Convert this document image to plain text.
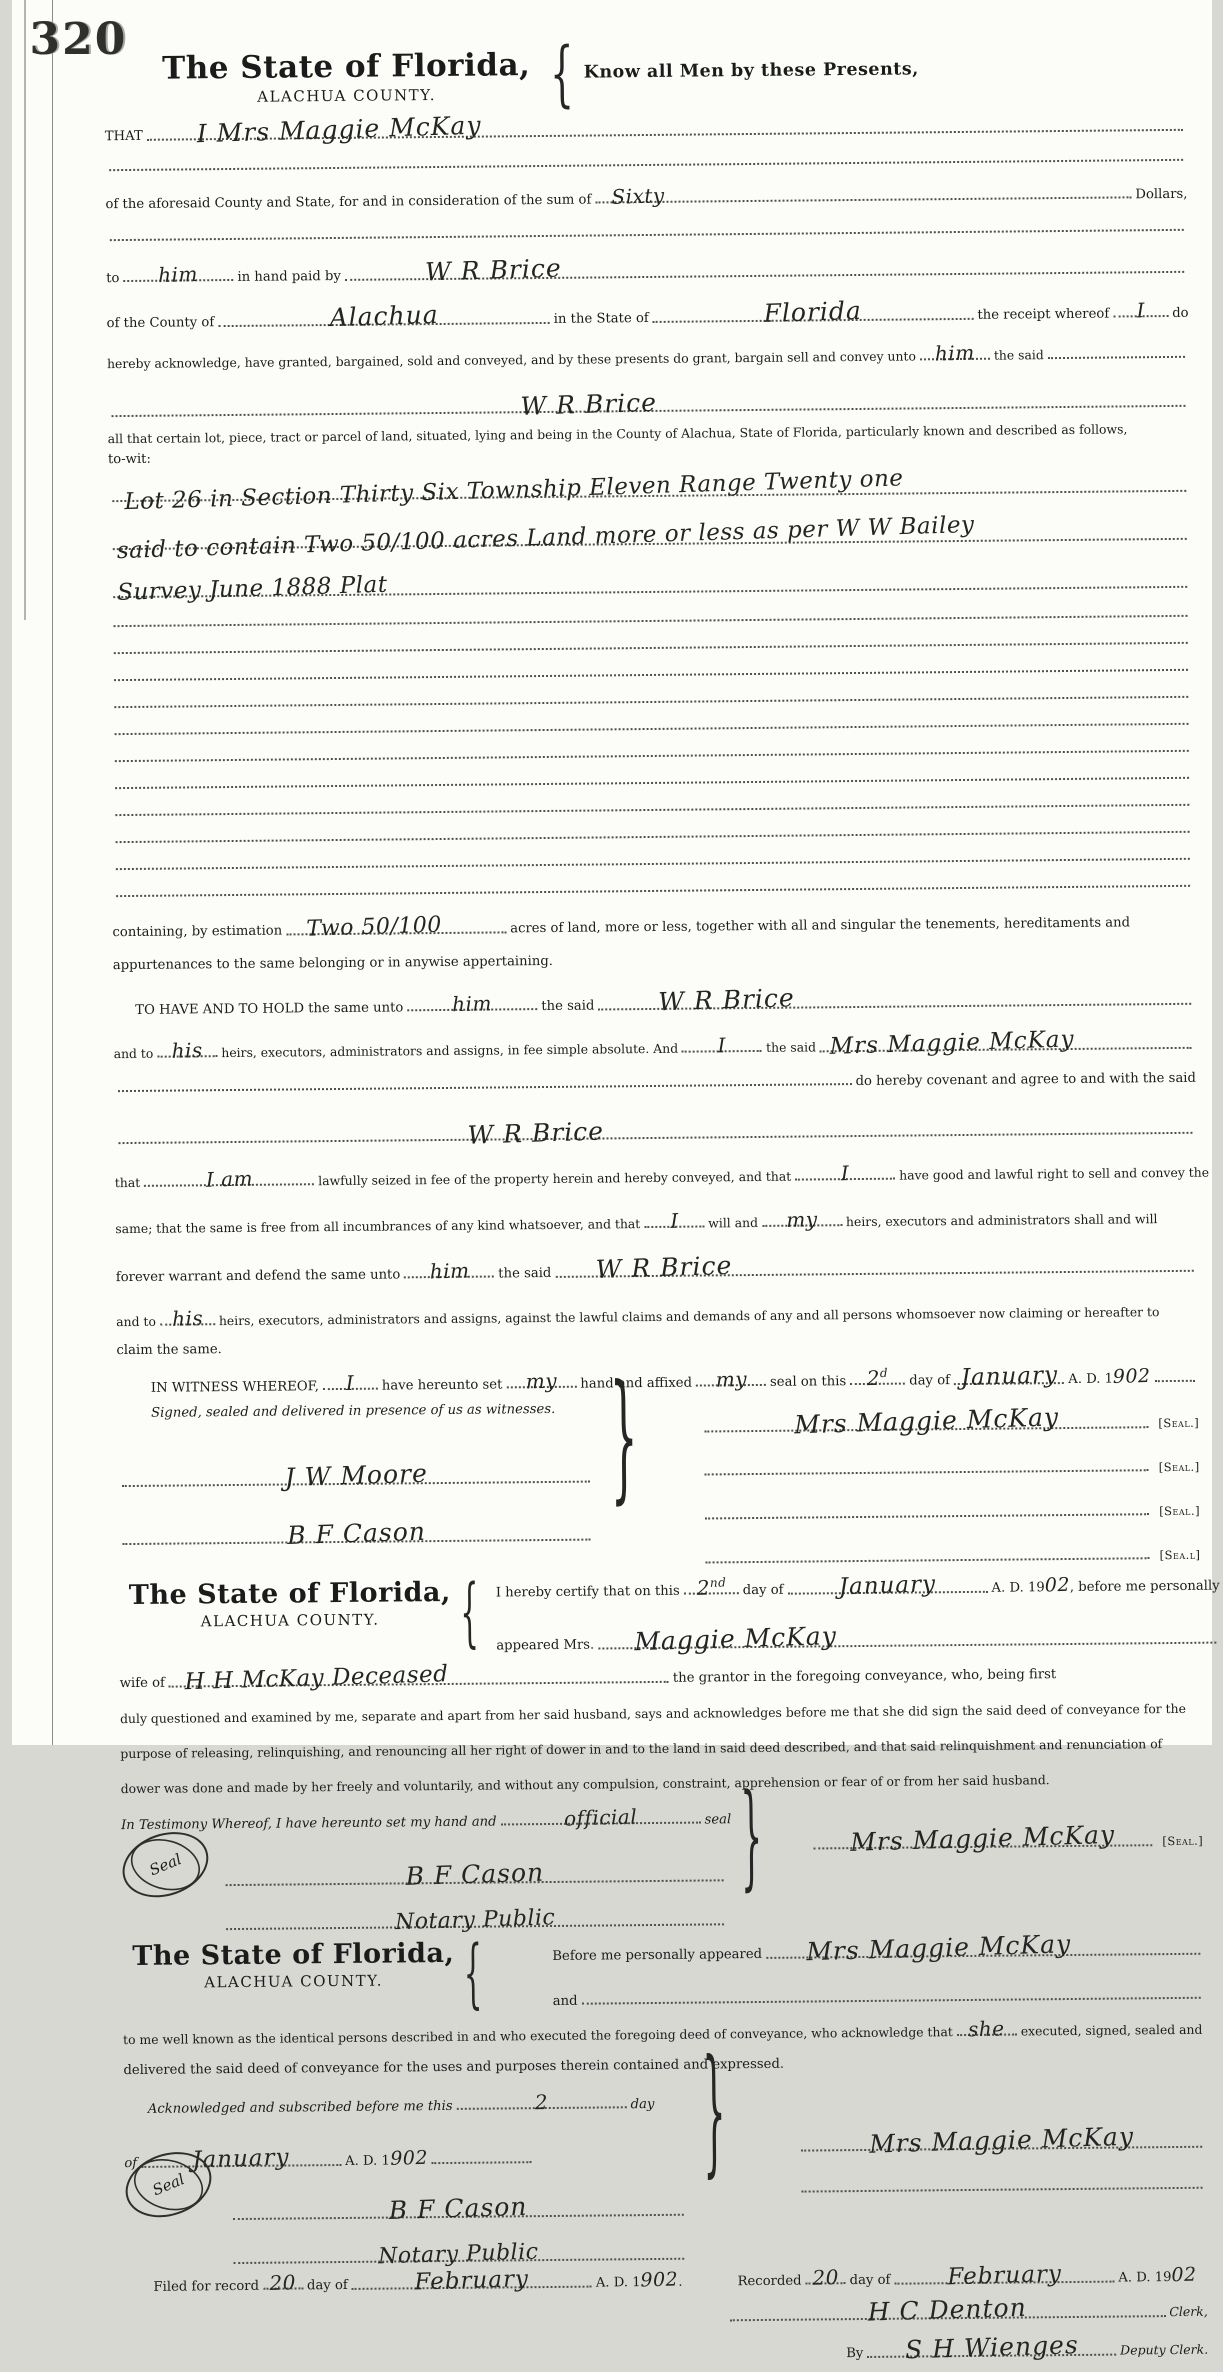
320
The State of Florida,
ALACHUA COUNTY.	{ Know all Men by these Presents,
THAT I Mrs Maggie McKay
of the aforesaid County and State, for and in consideration of the sum of Sixty	Dollars,
to him	in hand paid by	W R Brice
of the County of	Alachua	in the State of	Florida	the receipt whereof I do
hereby acknowledge, have granted, bargained, sold and conveyed, and by these presents do grant, bargain sell and convey unto him the said
W R Brice
all that certain lot, piece, tract or parcel of land, situated, lying and being in the County of Alachua, State of Florida, particularly known and described as follows,
to-wit:
Lot 26 in Section Thirty Six Township Eleven Range Twenty one
said to contain Two 50/100 acres Land more or less as per W W Bailey
Survey June 1888 Plat
containing, by estimation Two 50/100	acres of land, more or less, together with all and singular the tenements, hereditaments and
appurtenances to the same belonging or in anywise appertaining.
TO HAVE AND TO HOLD the same unto him	the said	W R Brice
and to his heirs, executors, administrators and assigns, in fee simple absolute. And I	the said Mrs Maggie McKay
do hereby covenant and agree to and with the said
W R Brice
that	I am	lawfully seized in fee of the property herein and hereby conveyed, and that I	have good and lawful right to sell and convey the
same; that the same is free from all incumbrances of any kind whatsoever, and that I will and my heirs, executors and administrators shall and will
forever warrant and defend the same unto him the said W R Brice
and to his heirs, executors, administrators and assigns, against the lawful claims and demands of any and all persons whomsoever now claiming or hereafter to
claim the same.
IN WITNESS WHEREOF, I have hereunto set my hand and affixed my seal on this 2$^d$
day of January A. D. 1 902
Signed, sealed and delivered in presence of us as witnesses.
J W Moore
B F Cason
}	Mrs Maggie McKay	[Seal.]
[Seal.]
[Seal.]
[Sea.l]
The State of Florida,
ALACHUA COUNTY.	{ I hereby certify that on this 2nd
day of January	A. D. 19 02 , before me personally
appeared Mrs. Maggie McKay
wife of H H McKay Deceased	the grantor in the foregoing conveyance, who, being first
duly questioned and examined by me, separate and apart from her said husband, says and acknowledges before me that she did sign the said deed of conveyance for the
purpose of releasing, relinquishing, and renouncing all her right of dower in and to the land in said deed described, and that said relinquishment and renunciation of
dower was done and made by her freely and voluntarily, and without any compulsion, constraint, apprehension or fear of or from her said husband.
In Testimony Whereof, I have hereunto set my hand and	official	seal
Seal	B F Cason
Notary Public
}	Mrs Maggie McKay	[Seal.]
The State of Florida,
ALACHUA COUNTY.	{	Before me personally appeared Mrs Maggie McKay
and
to me well known as the identical persons described in and who executed the foregoing deed of conveyance, who acknowledge that she executed, signed, sealed and
delivered the said deed of conveyance for the uses and purposes therein contained and expressed.
Acknowledged and subscribed before me this	2	day
of January	A. D. 1 902
Seal
B F Cason
Notary Public
}	Mrs Maggie McKay
Filed for record 20 day of	February	A. D. 1 902 .	Recorded 20 day of February	A. D. 19 02
H C Denton	Clerk,
By S H Wienges	Deputy Clerk.
